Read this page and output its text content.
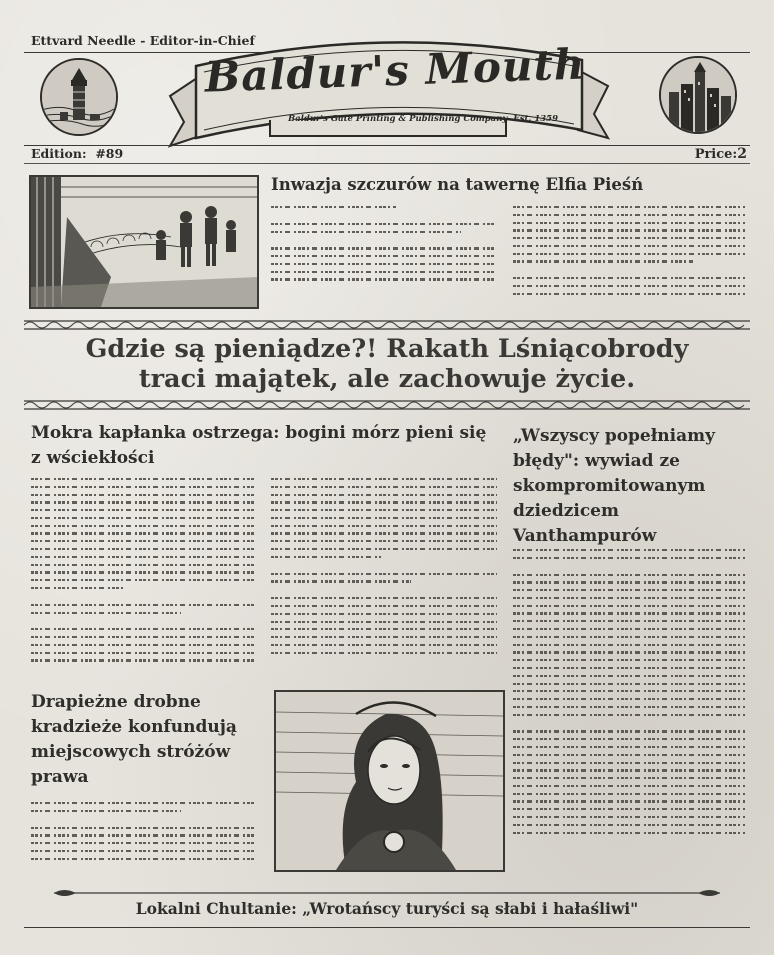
Ettvard Needle - Editor-in-Chief
Baldur's Mouth
Baldur's Gate Printing & Publishing Company  Est. 1359
Edition: #89	Price:2
Inwazja szczurów na tawernę Elfia Pieśń
Gdzie są pieniądze?! Rakath Lśniącobrody
traci majątek, ale zachowuje życie.
Mokra kapłanka ostrzega: bogini mórz pieni się z wściekłości
„Wszyscy popełniamy błędy": wywiad ze skompromitowanym dziedzicem Vanthampurów
Drapieżne drobne kradzieże konfundują miejscowych stróżów prawa
Lokalni Chultanie: „Wrotańscy turyści są słabi i hałaśliwi"
